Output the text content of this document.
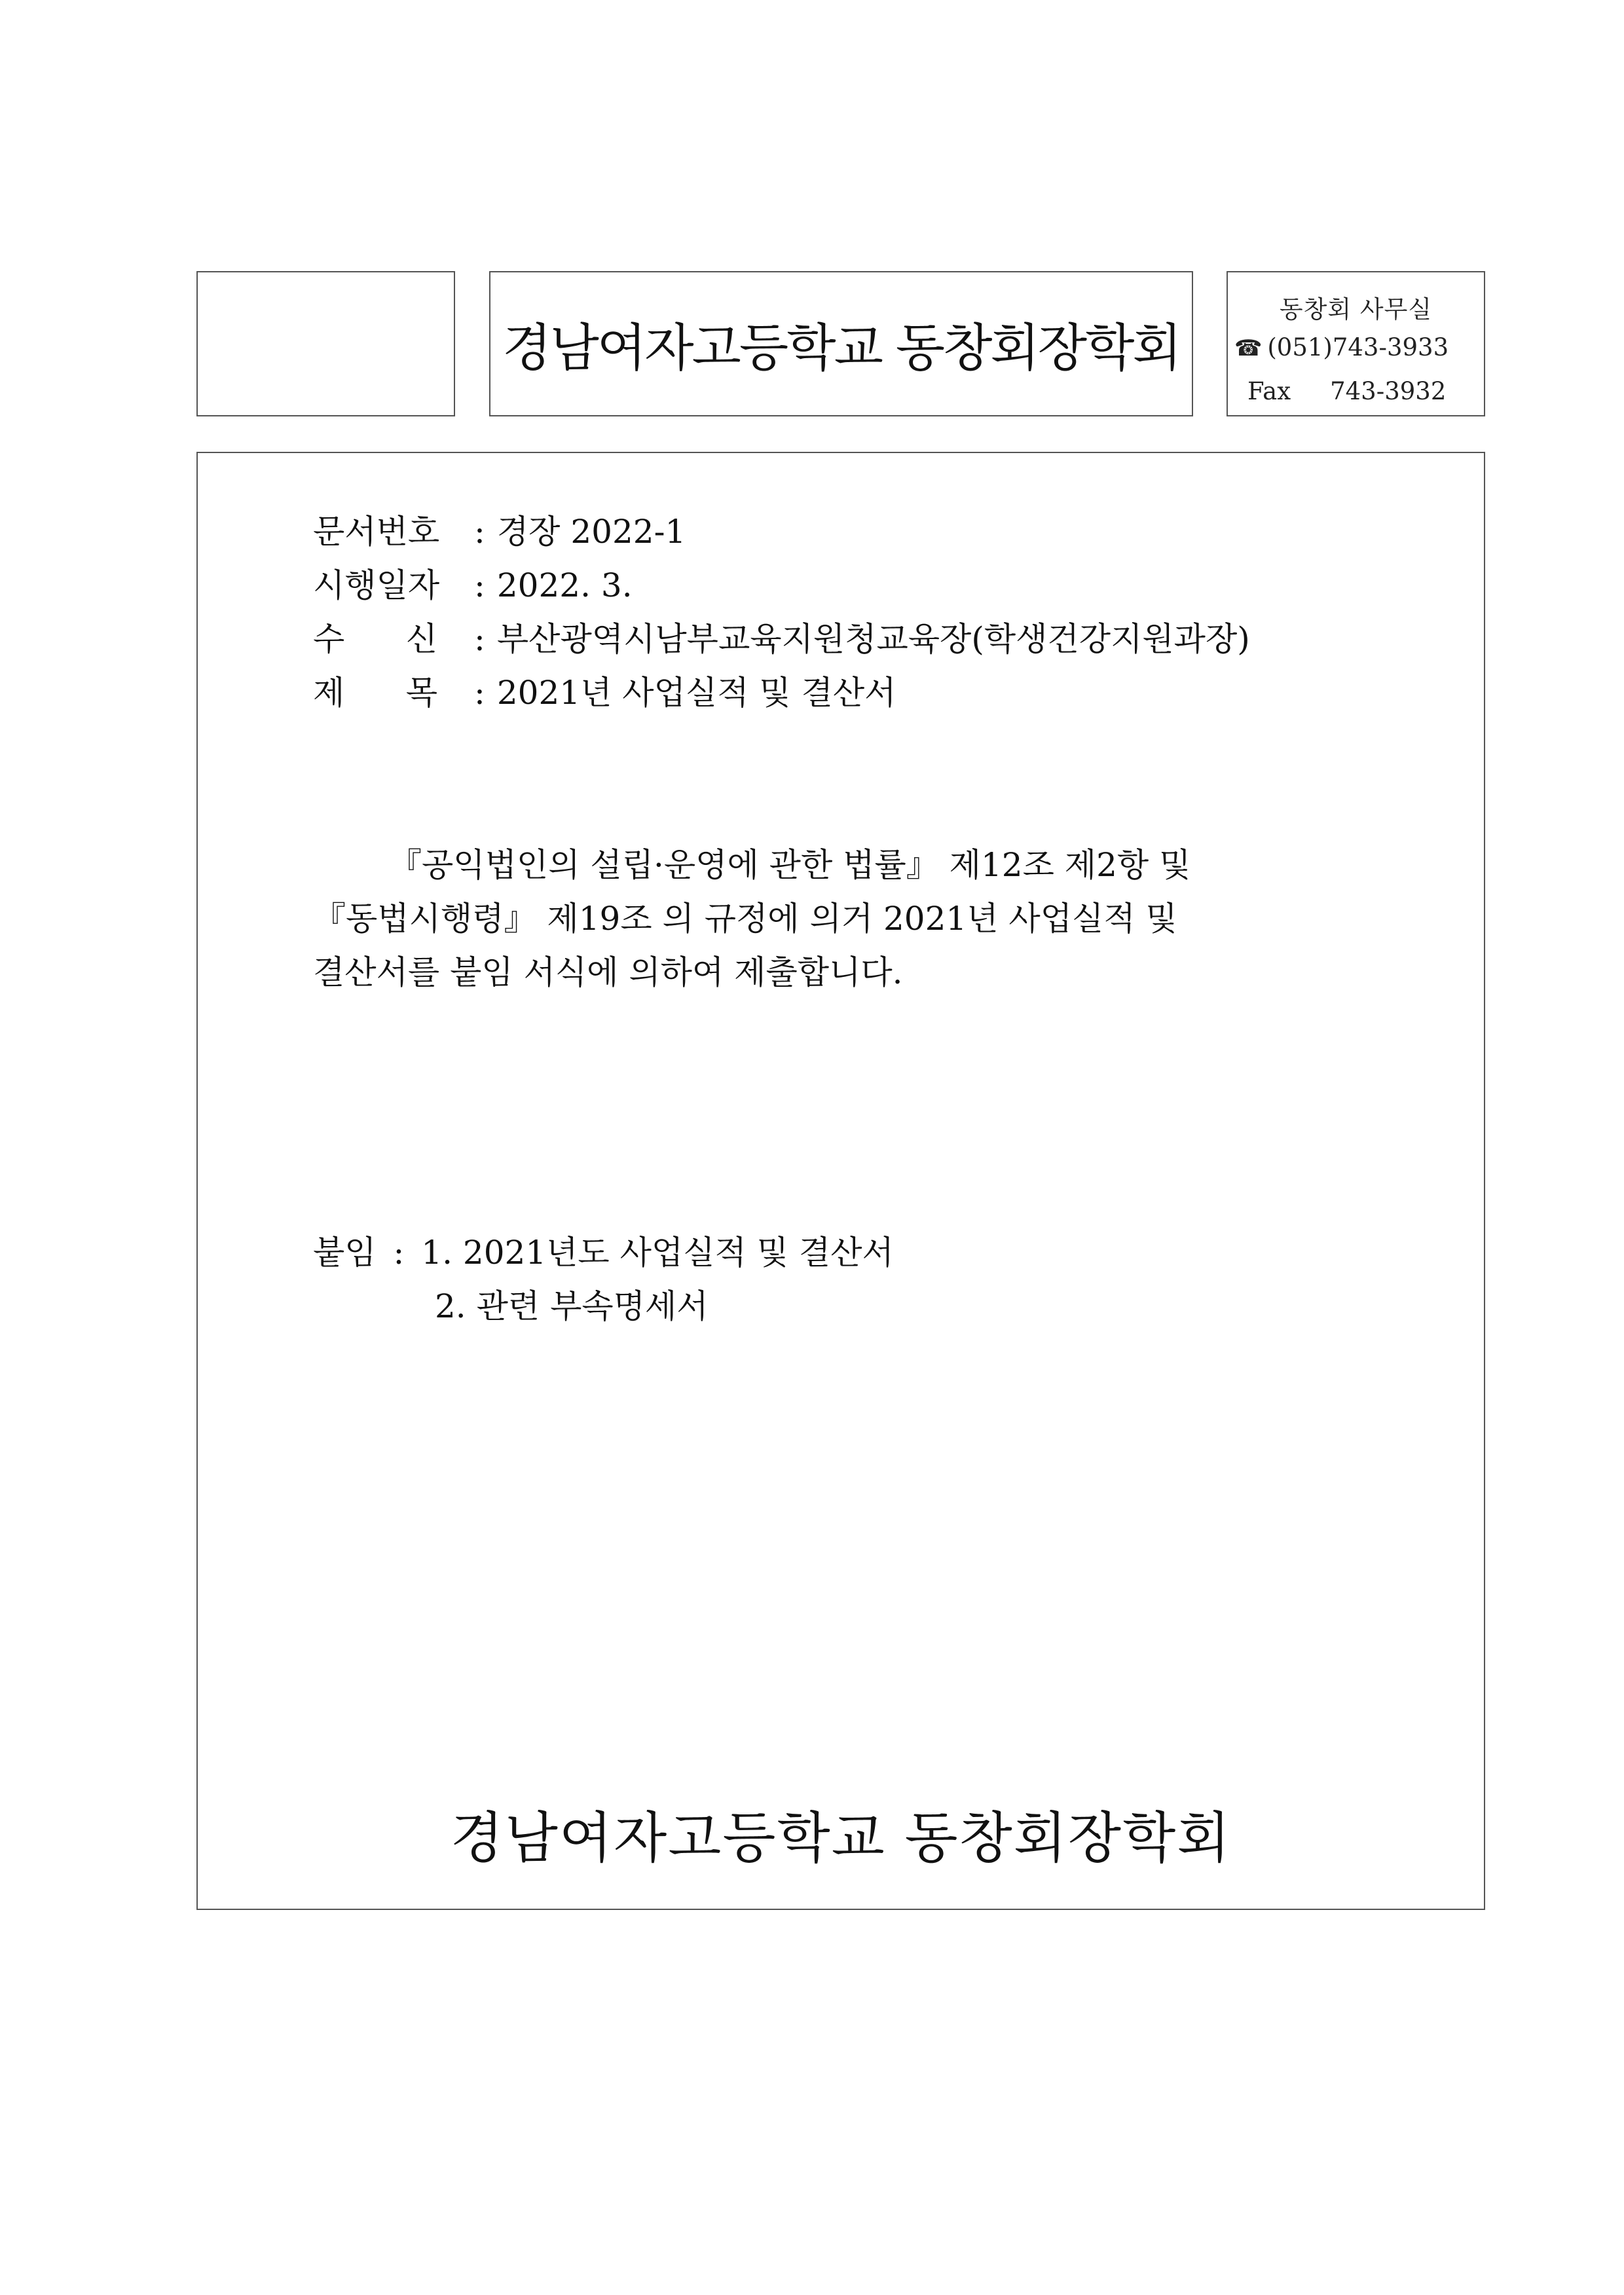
경남여자고등학교 동창회장학회
동창회 사무실
☎ (051)743-3933
Fax 743-3932
문서번호 : 경장 2022-1
시행일자 : 2022. 3.
수 신 : 부산광역시남부교육지원청교육장(학생건강지원과장)
제 목 : 2021년 사업실적 및 결산서
『공익법인의 설립·운영에 관한 법률』 제12조 제2항 및
『동법시행령』 제19조 의 규정에 의거 2021년 사업실적 및
결산서를 붙임 서식에 의하여 제출합니다.
붙임 : 1. 2021년도 사업실적 및 결산서
2. 관련 부속명세서
경남여자고등학교 동창회장학회
